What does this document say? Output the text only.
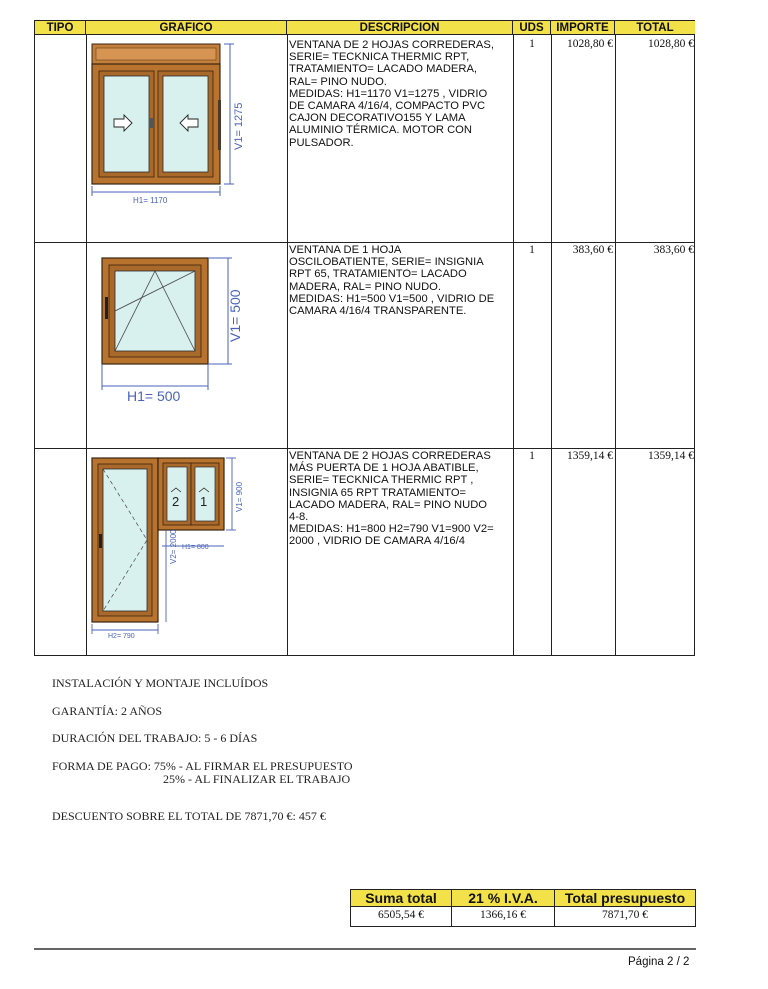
TIPO	GRAFICO	DESCRIPCION	UDS	IMPORTE	TOTAL
VENTANA DE 2 HOJAS CORREDERAS,
SERIE= TECKNICA THERMIC RPT,
TRATAMIENTO= LACADO MADERA,
RAL= PINO NUDO.
MEDIDAS: H1=1170 V1=1275 , VIDRIO
DE CAMARA 4/16/4, COMPACTO PVC
CAJON DECORATIVO155 Y LAMA
ALUMINIO TÉRMICA. MOTOR CON
PULSADOR.
1	1028,80 €	1028,80 €
VENTANA DE 1 HOJA
OSCILOBATIENTE, SERIE= INSIGNIA
RPT 65, TRATAMIENTO= LACADO
MADERA, RAL= PINO NUDO.
MEDIDAS: H1=500 V1=500 , VIDRIO DE
CAMARA 4/16/4 TRANSPARENTE.
1	383,60 €	383,60 €
VENTANA DE 2 HOJAS CORREDERAS
MÁS PUERTA DE 1 HOJA ABATIBLE,
SERIE= TECKNICA THERMIC RPT ,
INSIGNIA 65 RPT TRATAMIENTO=
LACADO MADERA, RAL= PINO NUDO
4-8.
MEDIDAS: H1=800 H2=790 V1=900 V2=
2000 , VIDRIO DE CAMARA 4/16/4
1	1359,14 €	1359,14 €
V1= 1275
H1= 1170
V1= 500
H1= 500
2 1
H1= 800
H2= 790
V1= 900
V2= 2000
INSTALACIÓN Y MONTAJE INCLUÍDOS
GARANTÍA: 2 AÑOS
DURACIÓN DEL TRABAJO: 5 - 6 DÍAS
FORMA DE PAGO: 75% - AL FIRMAR EL PRESUPUESTO
25% - AL FINALIZAR EL TRABAJO
DESCUENTO SOBRE EL TOTAL DE 7871,70 €: 457 €
Suma total	21 % I.V.A.	Total presupuesto
6505,54 €	1366,16 €	7871,70 €
Página 2 / 2
